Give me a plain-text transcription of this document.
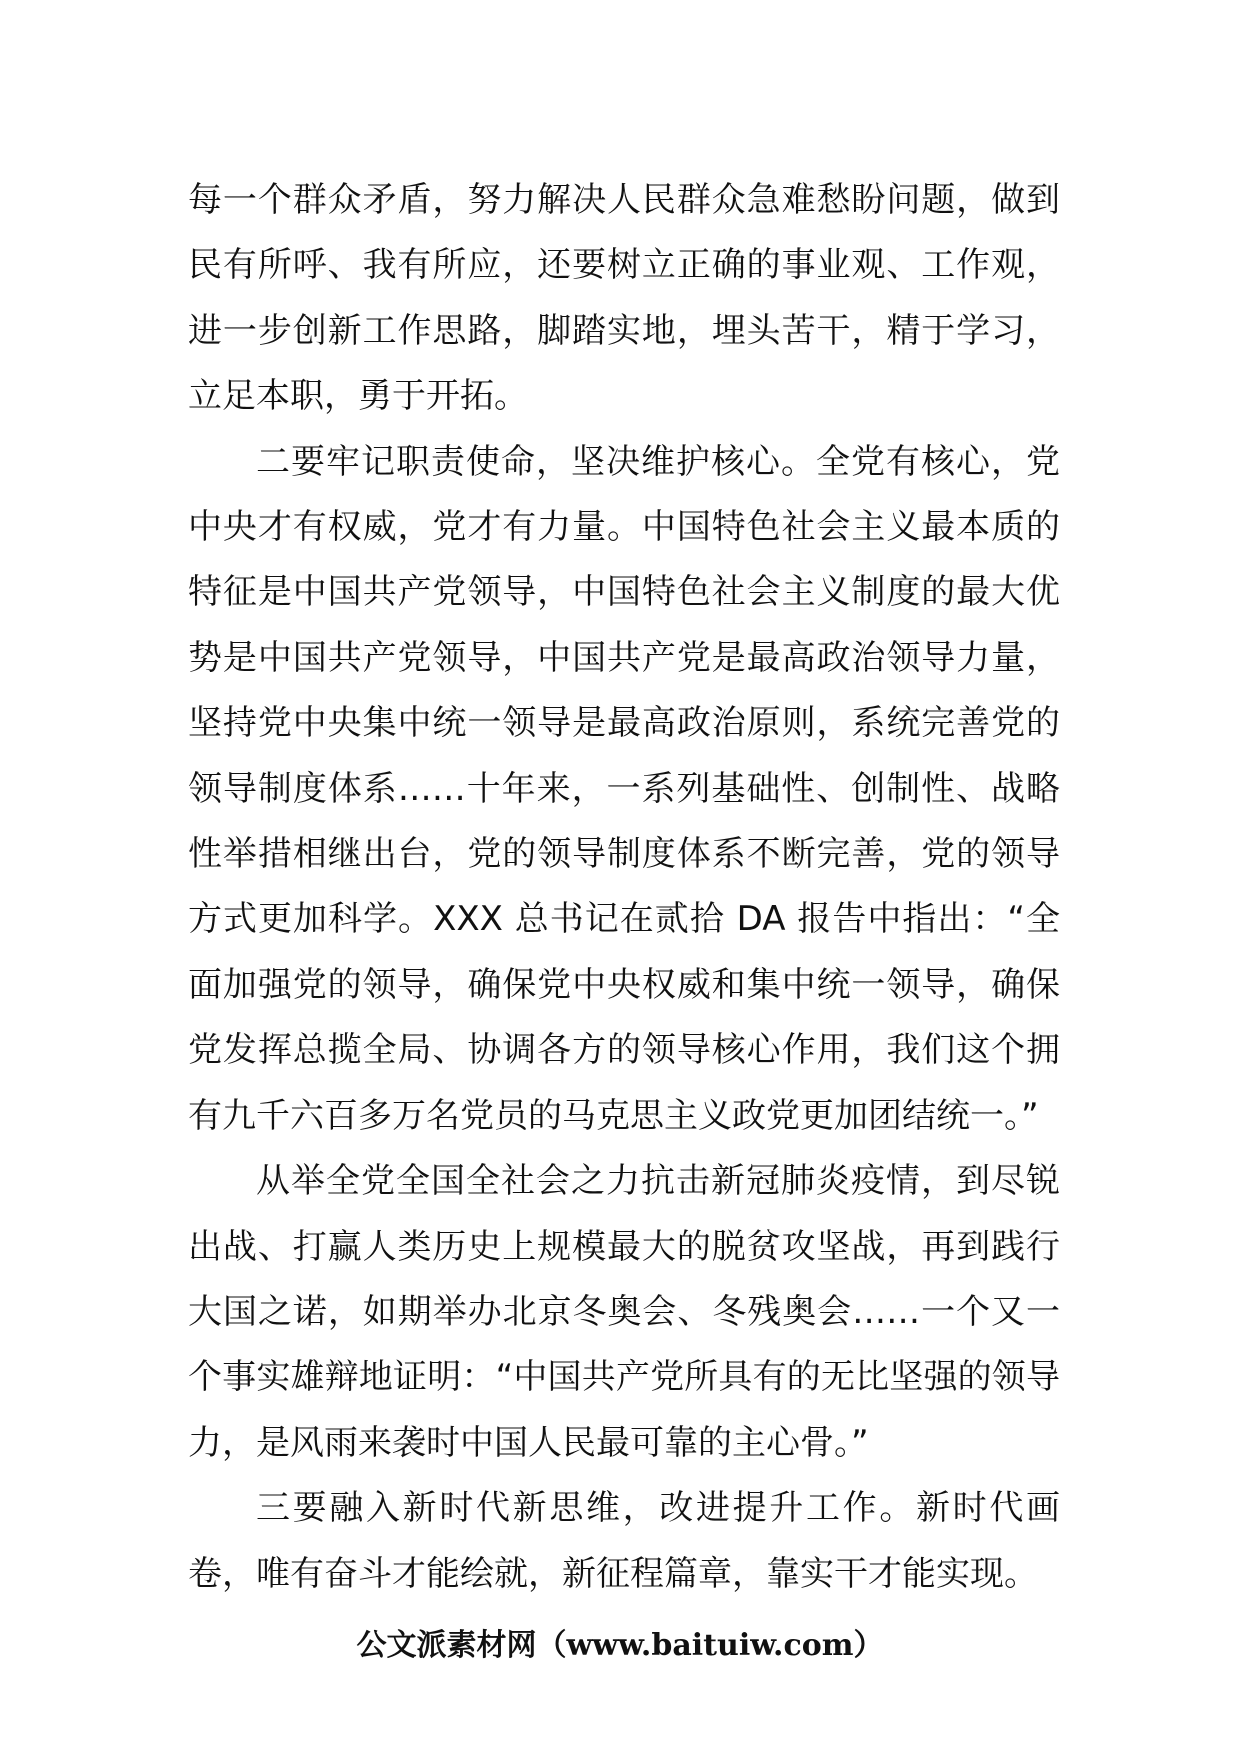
每一个群众矛盾，努力解决人民群众急难愁盼问题，做到民有所呼、我有所应，还要树立正确的事业观、工作观，进一步创新工作思路，脚踏实地，埋头苦干，精于学习，立足本职，勇于开拓。

二要牢记职责使命，坚决维护核心。全党有核心，党中央才有权威，党才有力量。中国特色社会主义最本质的特征是中国共产党领导，中国特色社会主义制度的最大优势是中国共产党领导，中国共产党是最高政治领导力量，坚持党中央集中统一领导是最高政治原则，系统完善党的领导制度体系……十年来，一系列基础性、创制性、战略性举措相继出台，党的领导制度体系不断完善，党的领导方式更加科学。XXX 总书记在贰拾 DA 报告中指出：“全面加强党的领导，确保党中央权威和集中统一领导，确保党发挥总揽全局、协调各方的领导核心作用，我们这个拥有九千六百多万名党员的马克思主义政党更加团结统一。”

从举全党全国全社会之力抗击新冠肺炎疫情，到尽锐出战、打赢人类历史上规模最大的脱贫攻坚战，再到践行大国之诺，如期举办北京冬奥会、冬残奥会……一个又一个事实雄辩地证明：“中国共产党所具有的无比坚强的领导力，是风雨来袭时中国人民最可靠的主心骨。”

三要融入新时代新思维，改进提升工作。新时代画卷，唯有奋斗才能绘就，新征程篇章，靠实干才能实现。

公文派素材网（www.baituiw.com）
